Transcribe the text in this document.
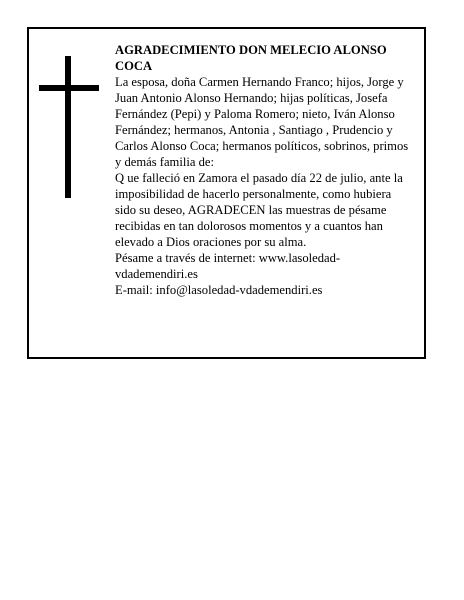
AGRADECIMIENTO DON MELECIO ALONSO COCA

La esposa, doña Carmen Hernando Franco; hijos, Jorge y Juan Antonio Alonso Hernando; hijas políticas, Josefa Fernández (Pepi) y Paloma Romero; nieto, Iván Alonso Fernández; hermanos, Antonia , Santiago , Prudencio y Carlos Alonso Coca; hermanos políticos, sobrinos, primos y demás familia de:

Q ue falleció en Zamora el pasado día 22 de julio, ante la imposibilidad de hacerlo personalmente, como hubiera sido su deseo, AGRADECEN las muestras de pésame recibidas en tan dolorosos momentos y a cuantos han elevado a Dios oraciones por su alma.

Pésame a través de internet: www.lasoledad-vdademendiri.es

E-mail: info@lasoledad-vdademendiri.es
